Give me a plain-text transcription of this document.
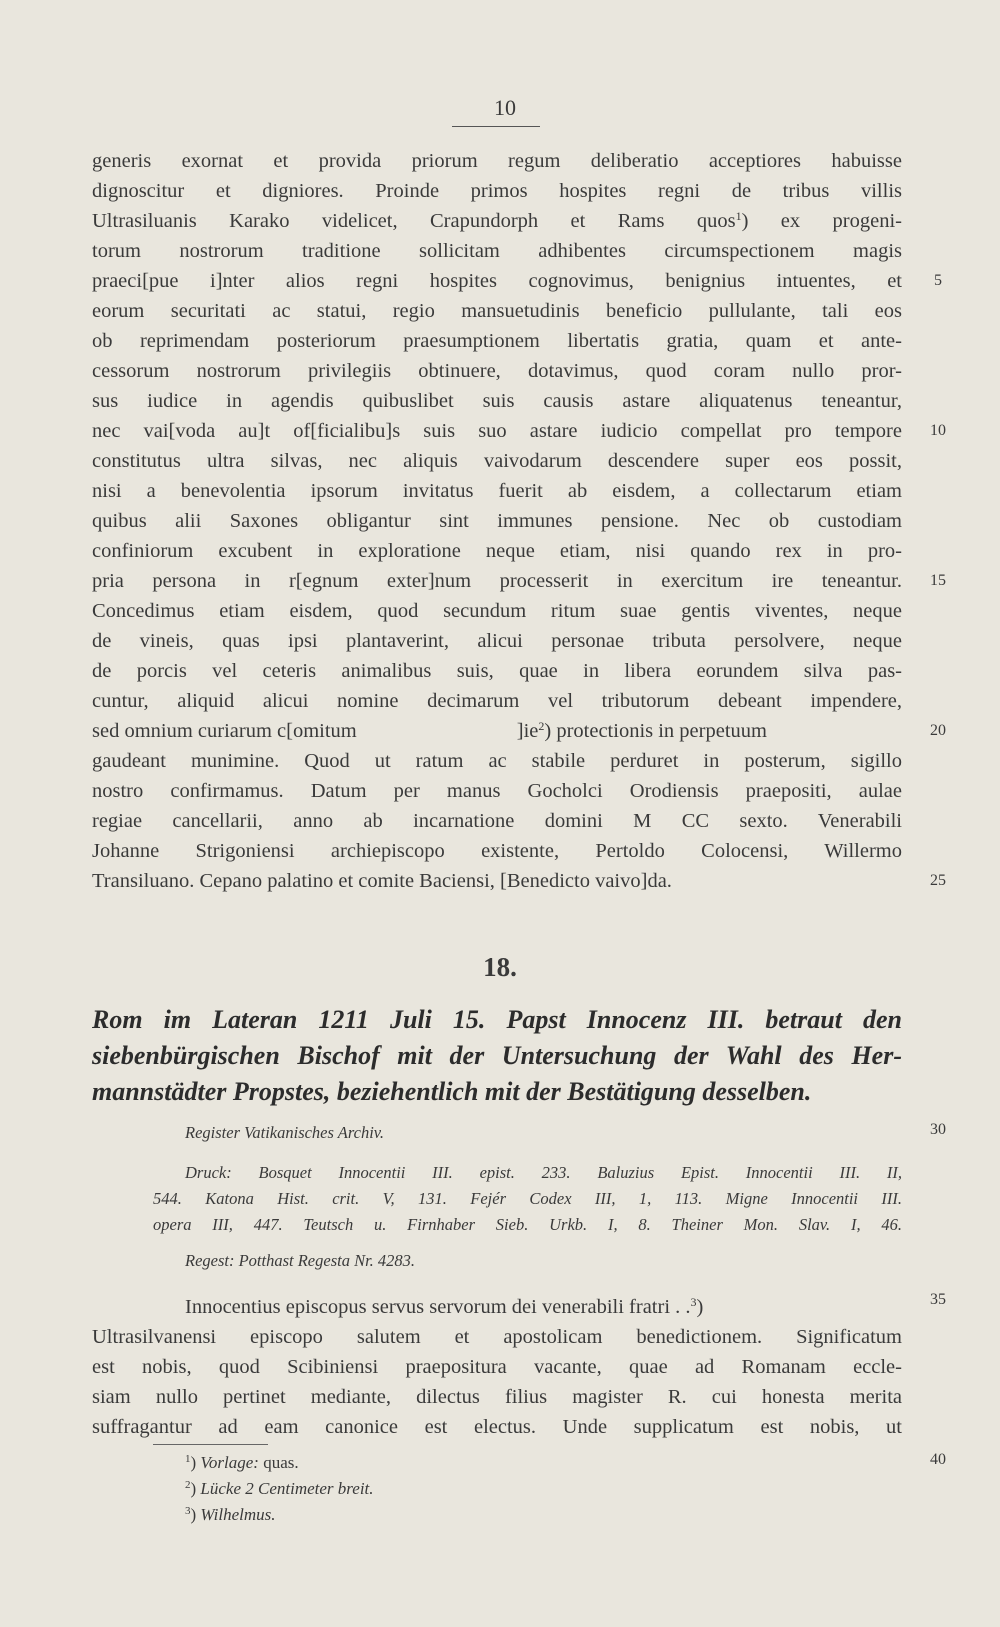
10
generis exornat et provida priorum regum deliberatio acceptiores habuisse
dignoscitur et digniores. Proinde primos hospites regni de tribus villis
Ultrasiluanis Karako videlicet, Crapundorph et Rams quos$^1$) ex progeni-
torum nostrorum traditione sollicitam adhibentes circumspectionem magis
praeci[pue i]nter alios regni hospites cognovimus, benignius intuentes, et
eorum securitati ac statui, regio mansuetudinis beneficio pullulante, tali eos
ob reprimendam posteriorum praesumptionem libertatis gratia, quam et ante-
cessorum nostrorum privilegiis obtinuere, dotavimus, quod coram nullo pror-
sus iudice in agendis quibuslibet suis causis astare aliquatenus teneantur,
nec vai[voda au]t of[ficialibu]s suis suo astare iudicio compellat pro tempore
constitutus ultra silvas, nec aliquis vaivodarum descendere super eos possit,
nisi a benevolentia ipsorum invitatus fuerit ab eisdem, a collectarum etiam
quibus alii Saxones obligantur sint immunes pensione. Nec ob custodiam
confiniorum excubent in exploratione neque etiam, nisi quando rex in pro-
pria persona in r[egnum exter]num processerit in exercitum ire teneantur.
Concedimus etiam eisdem, quod secundum ritum suae gentis viventes, neque
de vineis, quas ipsi plantaverint, alicui personae tributa persolvere, neque
de porcis vel ceteris animalibus suis, quae in libera eorundem silva pas-
cuntur, aliquid alicui nomine decimarum vel tributorum debeant impendere,
sed omnium curiarum c[omitum	]$ie^2$) protectionis in perpetuum
gaudeant munimine. Quod ut ratum ac stabile perduret in posterum, sigillo
nostro confirmamus. Datum per manus Gocholci Orodiensis praepositi, aulae
regiae cancellarii, anno ab incarnatione domini M CC sexto. Venerabili
Johanne Strigoniensi archiepiscopo existente, Pertoldo Colocensi, Willermo
Transiluano. Cepano palatino et comite Baciensi, [Benedicto vaivo]da.
5
10
15
20
25
30
35
40
18.
Rom im Lateran 1211 Juli 15. Papst Innocenz III. betraut den
siebenbürgischen Bischof mit der Untersuchung der Wahl des Her-
mannstädter Propstes, beziehentlich mit der Bestätigung desselben.
Register Vatikanisches Archiv.
Druck: Bosquet Innocentii III. epist. 233. Baluzius Epist. Innocentii III. II,
544. Katona Hist. crit. V, 131. Fejér Codex III, 1, 113. Migne Innocentii III.
opera III, 447. Teutsch u. Firnhaber Sieb. Urkb. I, 8. Theiner Mon. Slav. I, 46.
Regest: Potthast Regesta Nr. 4283.
Innocentius episcopus servus servorum dei venerabili fratri . .$^3$)
Ultrasilvanensi episcopo salutem et apostolicam benedictionem. Significatum
est nobis, quod Scibiniensi praepositura vacante, quae ad Romanam eccle-
siam nullo pertinet mediante, dilectus filius magister R. cui honesta merita
suffragantur ad eam canonice est electus. Unde supplicatum est nobis, ut
$^1$) Vorlage: quas.
$^2$) Lücke 2 Centimeter breit.
$^3$) Wilhelmus.
